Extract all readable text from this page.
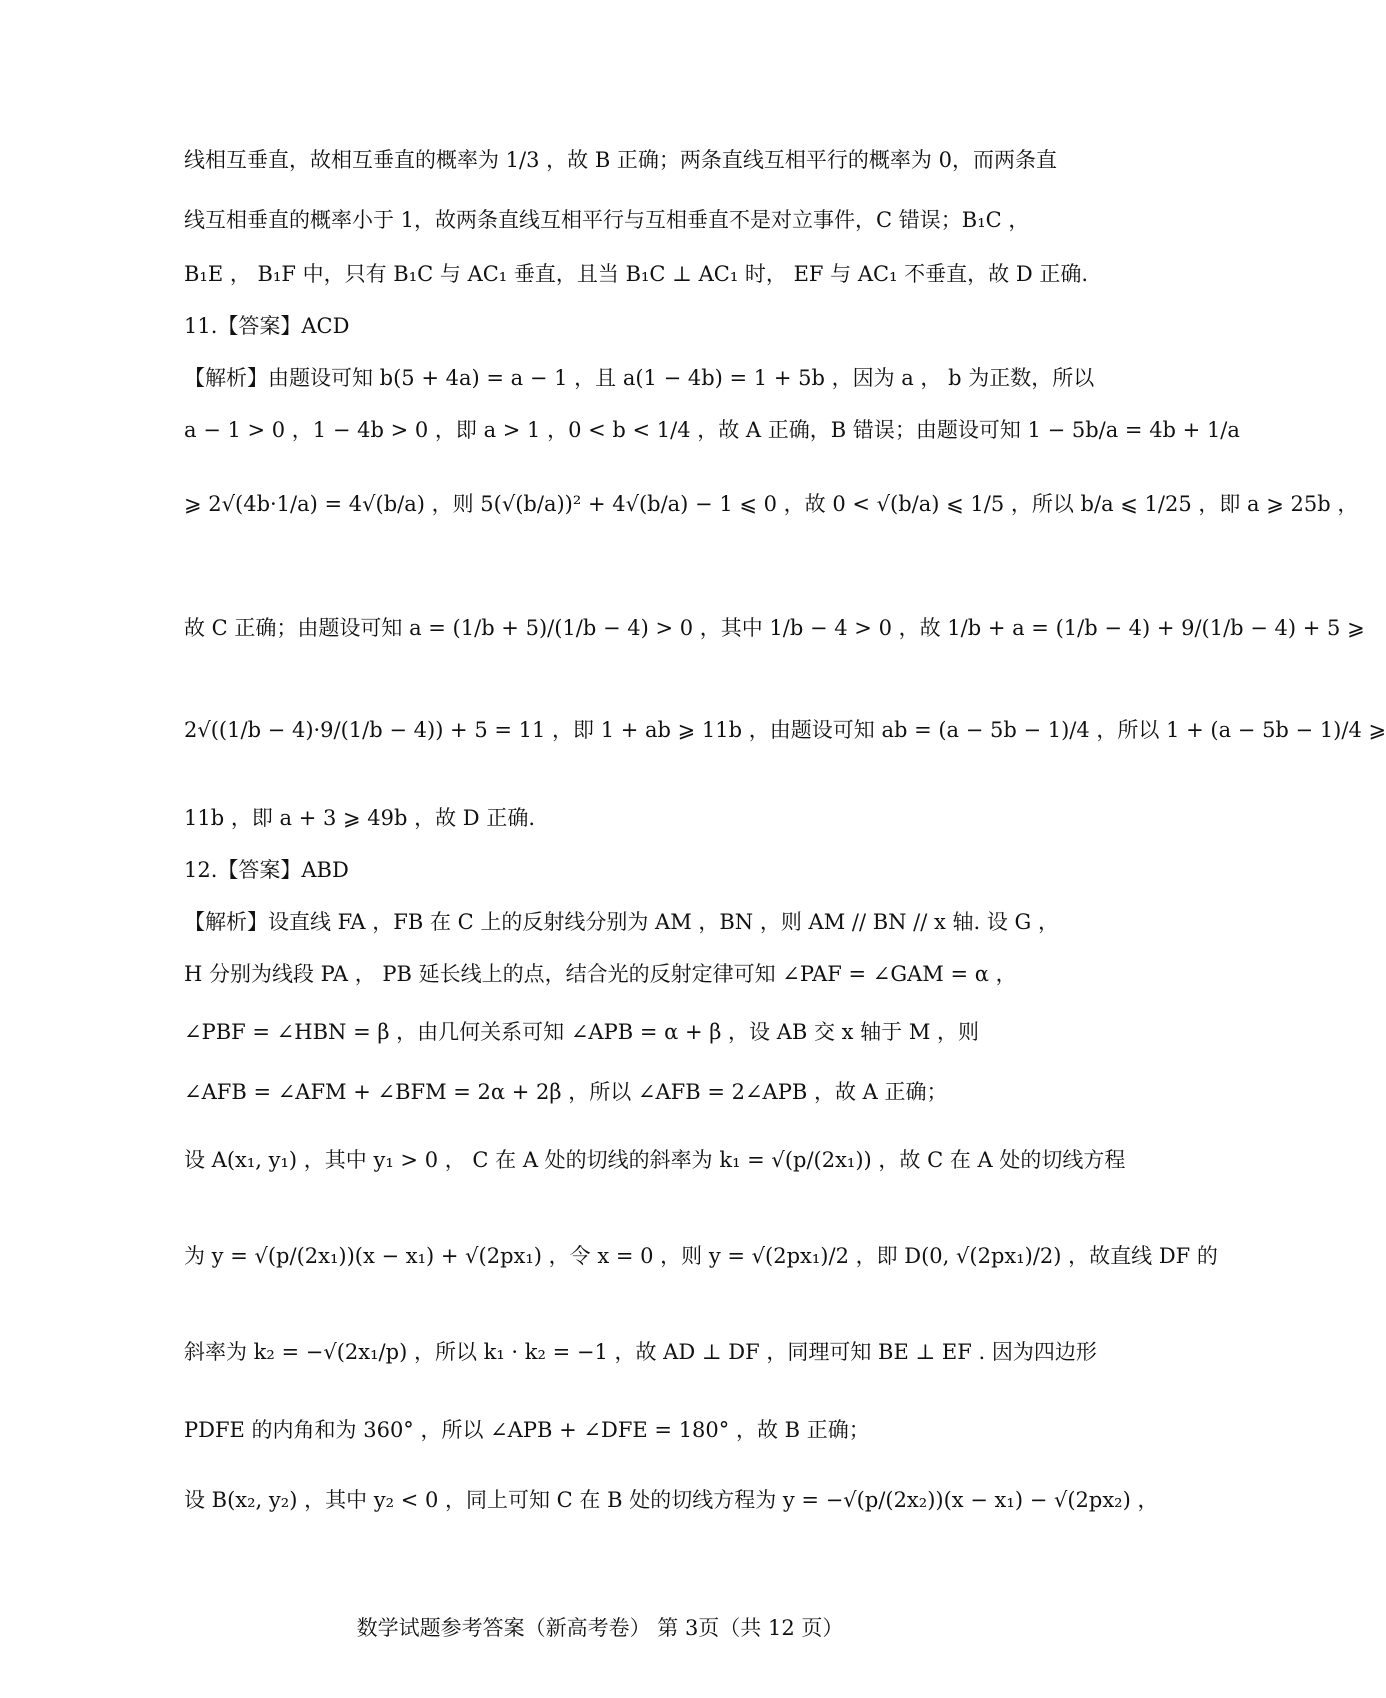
线相互垂直，故相互垂直的概率为 1/3 ，故 B 正确；两条直线互相平行的概率为 0，而两条直
线互相垂直的概率小于 1，故两条直线互相平行与互相垂直不是对立事件，C 错误；B₁C ，
B₁E ， B₁F 中，只有 B₁C 与 AC₁ 垂直，且当 B₁C ⊥ AC₁ 时， EF 与 AC₁ 不垂直，故 D 正确.
11.【答案】ACD
【解析】由题设可知 b(5 + 4a) = a − 1 ，且 a(1 − 4b) = 1 + 5b ，因为 a ， b 为正数，所以
a − 1 > 0 ，1 − 4b > 0 ，即 a > 1 ，0 < b < 1/4 ，故 A 正确，B 错误；由题设可知 1 − 5b/a = 4b + 1/a
⩾ 2√(4b·1/a) = 4√(b/a) ，则 5(√(b/a))² + 4√(b/a) − 1 ⩽ 0 ，故 0 < √(b/a) ⩽ 1/5 ，所以 b/a ⩽ 1/25 ，即 a ⩾ 25b ，
故 C 正确；由题设可知 a = (1/b + 5)/(1/b − 4) > 0 ，其中 1/b − 4 > 0 ，故 1/b + a = (1/b − 4) + 9/(1/b − 4) + 5 ⩾
2√((1/b − 4)·9/(1/b − 4)) + 5 = 11 ，即 1 + ab ⩾ 11b ，由题设可知 ab = (a − 5b − 1)/4 ，所以 1 + (a − 5b − 1)/4 ⩾
11b ，即 a + 3 ⩾ 49b ，故 D 正确.
12.【答案】ABD
【解析】设直线 FA ，FB 在 C 上的反射线分别为 AM ，BN ，则 AM // BN // x 轴. 设 G ，
H 分别为线段 PA ， PB 延长线上的点，结合光的反射定律可知 ∠PAF = ∠GAM = α ，
∠PBF = ∠HBN = β ，由几何关系可知 ∠APB = α + β ，设 AB 交 x 轴于 M ，则
∠AFB = ∠AFM + ∠BFM = 2α + 2β ，所以 ∠AFB = 2∠APB ，故 A 正确；
设 A(x₁, y₁) ，其中 y₁ > 0 ， C 在 A 处的切线的斜率为 k₁ = √(p/(2x₁)) ，故 C 在 A 处的切线方程
为 y = √(p/(2x₁))(x − x₁) + √(2px₁) ，令 x = 0 ，则 y = √(2px₁)/2 ，即 D(0, √(2px₁)/2) ，故直线 DF 的
斜率为 k₂ = −√(2x₁/p) ，所以 k₁ · k₂ = −1 ，故 AD ⊥ DF ，同理可知 BE ⊥ EF . 因为四边形
PDFE 的内角和为 360° ，所以 ∠APB + ∠DFE = 180° ，故 B 正确；
设 B(x₂, y₂) ，其中 y₂ < 0 ，同上可知 C 在 B 处的切线方程为 y = −√(p/(2x₂))(x − x₁) − √(2px₂) ，
数学试题参考答案（新高考卷） 第 3页（共 12 页）
